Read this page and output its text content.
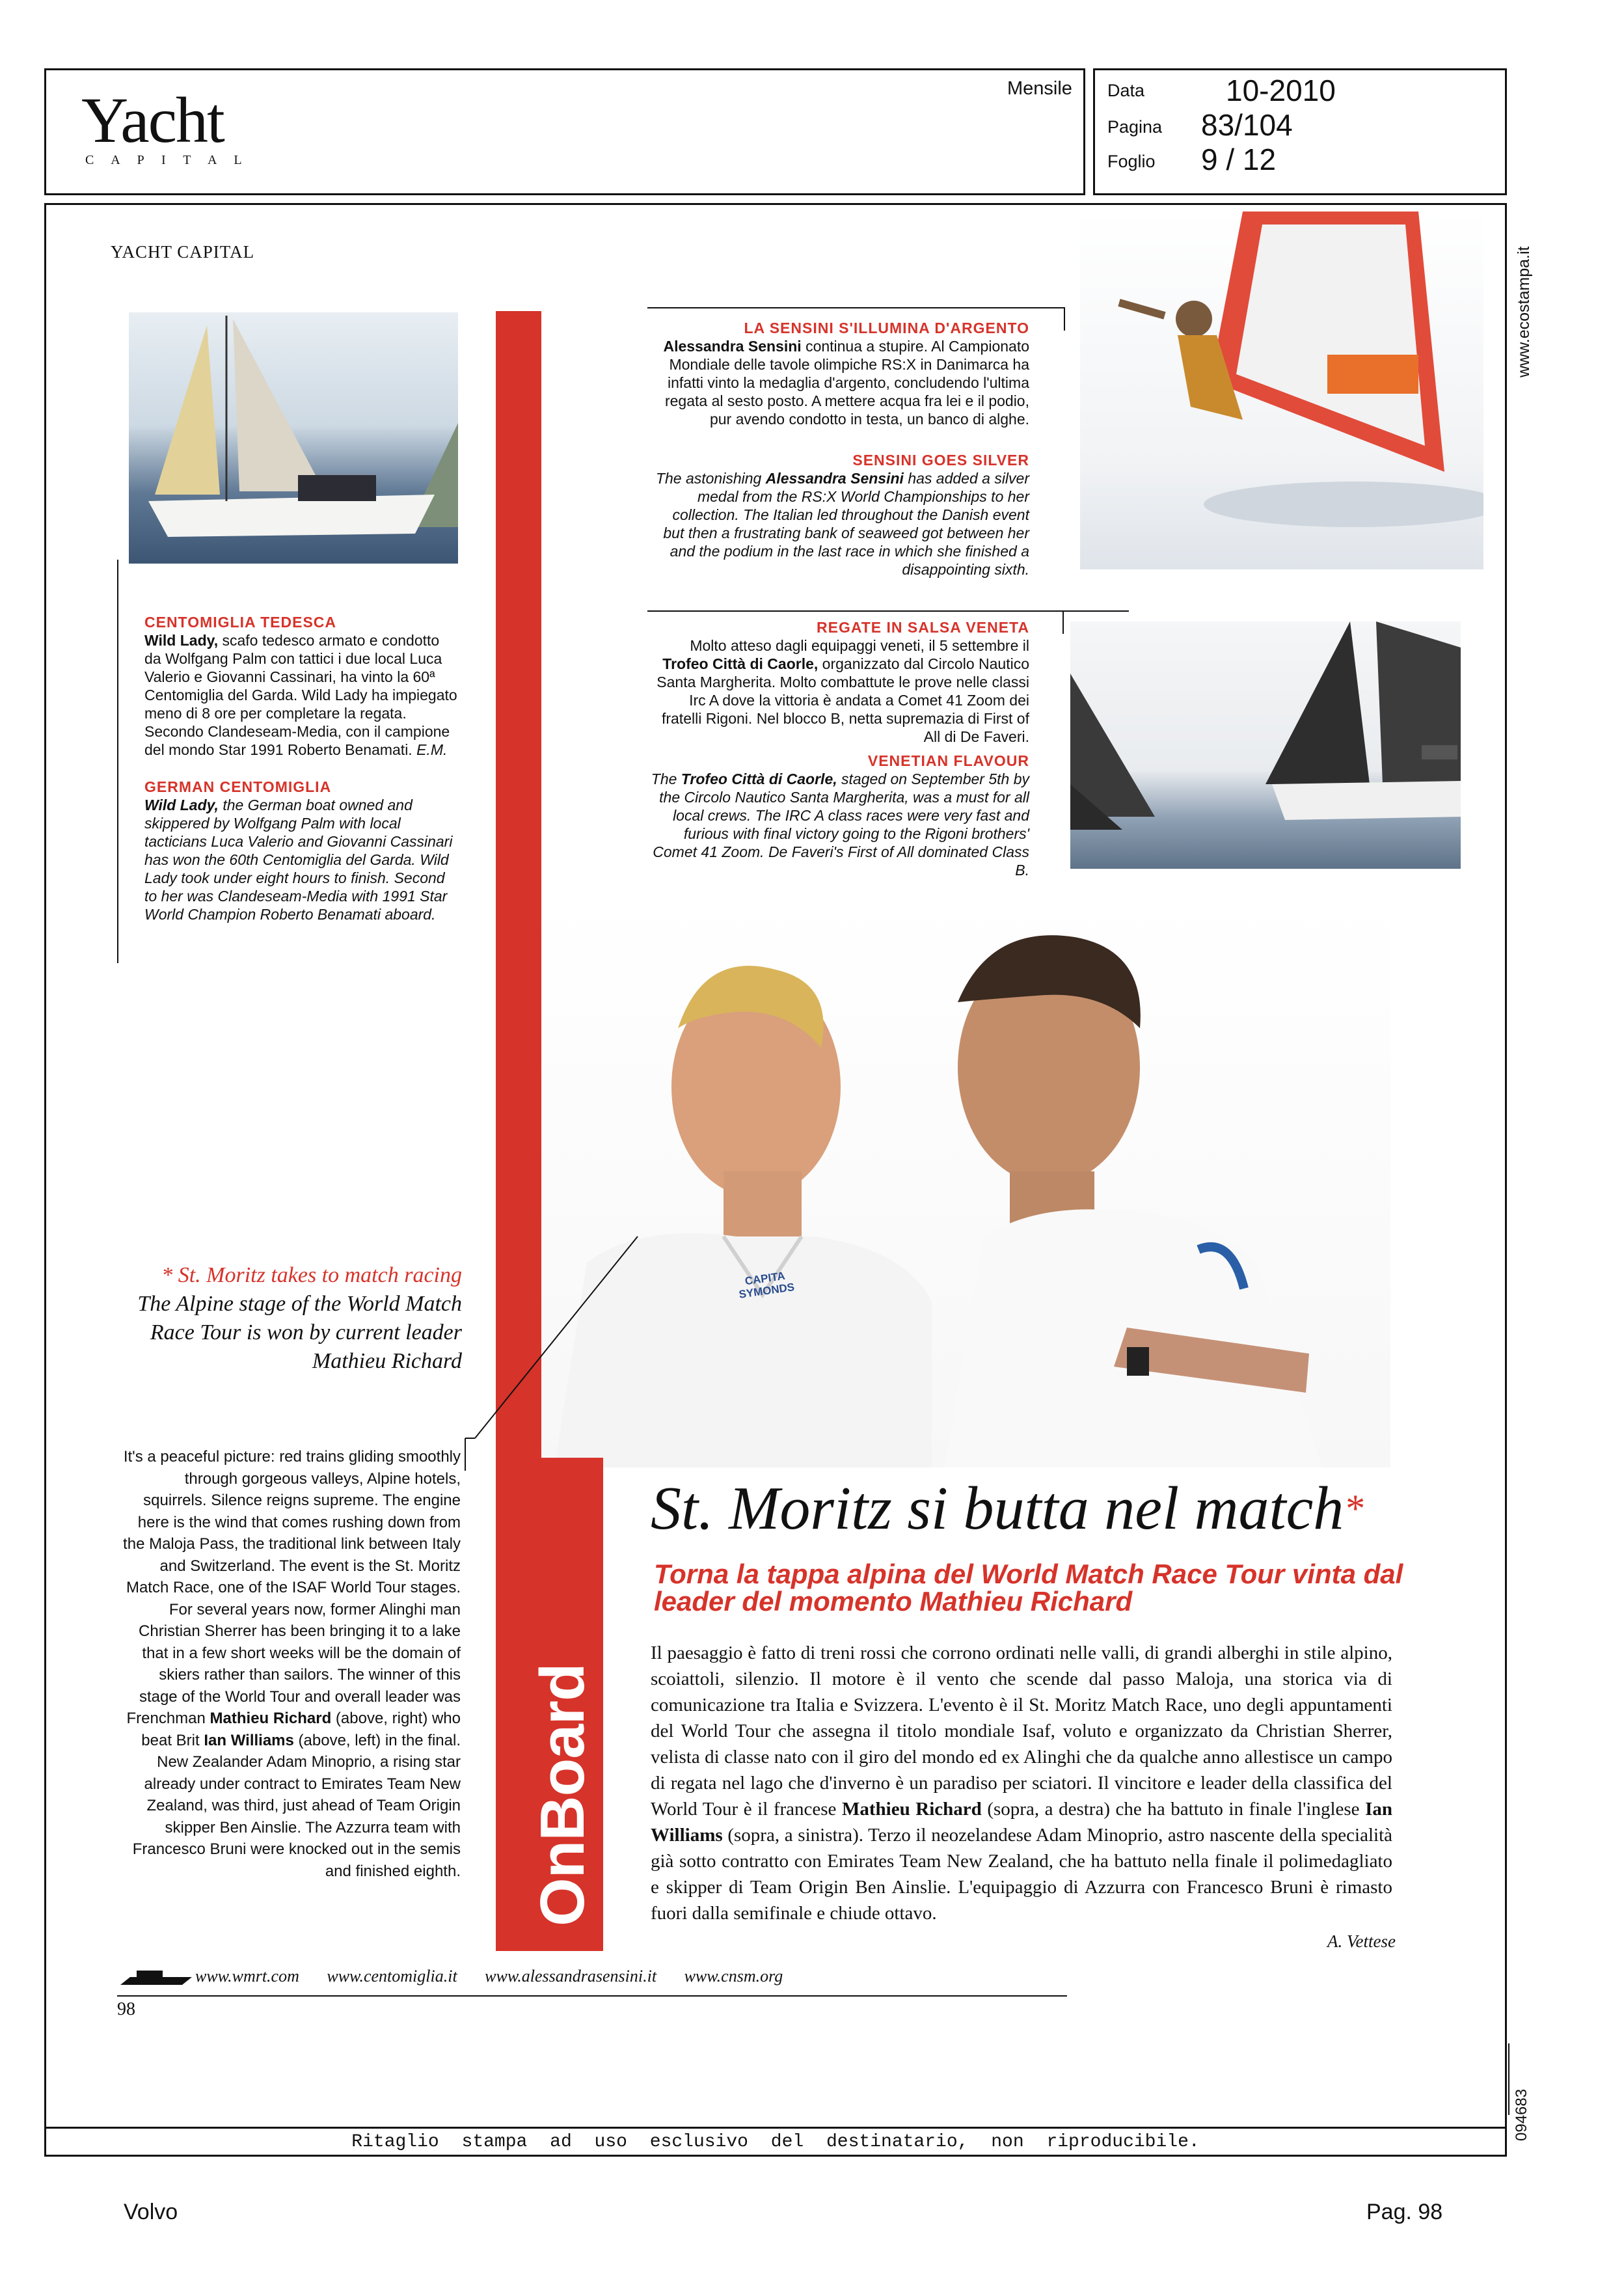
Yacht
C A P I T A L
Mensile Data	10-2010
Pagina 83/104
Foglio 9 / 12
www.ecostampa.it
094683
YACHT CAPITAL
CAPITA SYMONDS
OnBoard
CENTOMIGLIA TEDESCA
Wild Lady, scafo tedesco armato e condotto da Wolfgang Palm con tattici i due local Luca Valerio e Giovanni Cassinari, ha vinto la 60ª Centomiglia del Garda. Wild Lady ha impiegato meno di 8 ore per completare la regata. Secondo Clandeseam-Media, con il campione del mondo Star 1991 Roberto Benamati. E.M.
GERMAN CENTOMIGLIA
Wild Lady, the German boat owned and skippered by Wolfgang Palm with local tacticians Luca Valerio and Giovanni Cassinari has won the 60th Centomiglia del Garda. Wild Lady took under eight hours to finish. Second to her was Clandeseam-Media with 1991 Star World Champion Roberto Benamati aboard.
LA SENSINI S'ILLUMINA D'ARGENTO
Alessandra Sensini continua a stupire. Al Campionato Mondiale delle tavole olimpiche RS:X in Danimarca ha infatti vinto la medaglia d'argento, concludendo l'ultima regata al sesto posto. A mettere acqua fra lei e il podio, pur avendo condotto in testa, un banco di alghe.
SENSINI GOES SILVER
The astonishing Alessandra Sensini has added a silver medal from the RS:X World Championships to her collection. The Italian led throughout the Danish event but then a frustrating bank of seaweed got between her and the podium in the last race in which she finished a disappointing sixth.
REGATE IN SALSA VENETA
Molto atteso dagli equipaggi veneti, il 5 settembre il Trofeo Città di Caorle, organizzato dal Circolo Nautico Santa Margherita. Molto combattute le prove nelle classi Irc A dove la vittoria è andata a Comet 41 Zoom dei fratelli Rigoni. Nel blocco B, netta supremazia di First of All di De Faveri.
VENETIAN FLAVOUR
The Trofeo Città di Caorle, staged on September 5th by the Circolo Nautico Santa Margherita, was a must for all local crews. The IRC A class races were very fast and furious with final victory going to the Rigoni brothers' Comet 41 Zoom. De Faveri's First of All dominated Class B.
* St. Moritz takes to match racing
The Alpine stage of the World Match Race Tour is won by current leader Mathieu Richard
It's a peaceful picture: red trains gliding smoothly through gorgeous valleys, Alpine hotels, squirrels. Silence reigns supreme. The engine here is the wind that comes rushing down from the Maloja Pass, the traditional link between Italy and Switzerland. The event is the St. Moritz Match Race, one of the ISAF World Tour stages. For several years now, former Alinghi man Christian Sherrer has been bringing it to a lake that in a few short weeks will be the domain of skiers rather than sailors. The winner of this stage of the World Tour and overall leader was Frenchman Mathieu Richard (above, right) who beat Brit Ian Williams (above, left) in the final. New Zealander Adam Minoprio, a rising star already under contract to Emirates Team New Zealand, was third, just ahead of Team Origin skipper Ben Ainslie. The Azzurra team with Francesco Bruni were knocked out in the semis and finished eighth.
St. Moritz si butta nel match*
Torna la tappa alpina del World Match Race Tour vinta dal leader del momento Mathieu Richard
Il paesaggio è fatto di treni rossi che corrono ordinati nelle valli, di grandi alberghi in stile alpino, scoiattoli, silenzio. Il motore è il vento che scende dal passo Maloja, una storica via di comunicazione tra Italia e Svizzera. L'evento è il St. Moritz Match Race, uno degli appuntamenti del World Tour che assegna il titolo mondiale Isaf, voluto e organizzato da Christian Sherrer, velista di classe nato con il giro del mondo ed ex Alinghi che da qualche anno allestisce un campo di regata nel lago che d'inverno è un paradiso per sciatori. Il vincitore e leader della classifica del World Tour è il francese Mathieu Richard (sopra, a destra) che ha battuto in finale l'inglese Ian Williams (sopra, a sinistra). Terzo il neozelandese Adam Minoprio, astro nascente della specialità già sotto contratto con Emirates Team New Zealand, che ha battuto nella finale il polimedagliato e skipper di Team Origin Ben Ainslie. L'equipaggio di Azzurra con Francesco Bruni è rimasto fuori dalla semifinale e chiude ottavo.
A. Vettese
www.wmrt.com www.centomiglia.it www.alessandrasensini.it www.cnsm.org
98
Ritaglio stampa ad uso esclusivo del destinatario, non riproducibile.
Volvo	Pag. 98
